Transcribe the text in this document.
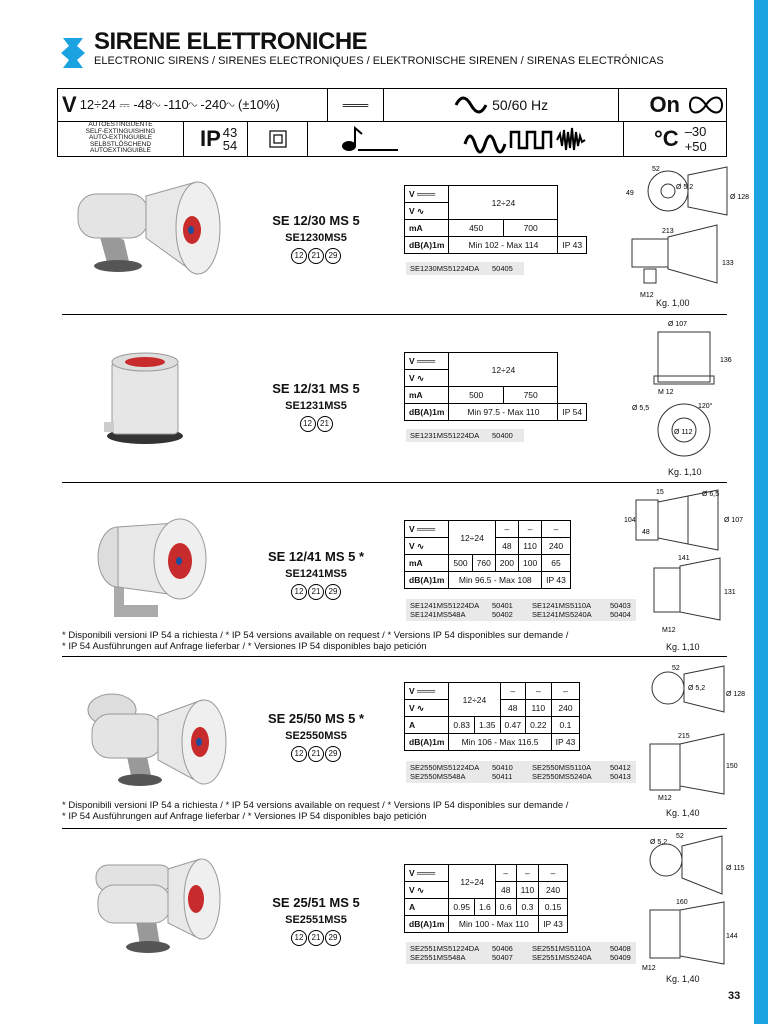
SIRENE ELETTRONICHE
ELECTRONIC SIRENS / SIRENES ELECTRONIQUES / ELEKTRONISCHE SIRENEN / SIRENAS ELECTRÓNICAS
V 12÷24 ⎓ -48∿ -110∿ -240∿ (±10%)	═══	50/60 Hz	On
AUTOESTINGUENTE
SELF-EXTINGUISHING
AUTO-EXTINGUIBLE
SELBSTLÖSCHEND
AUTOEXTINGUIBLE
IP 43
54	°C –30 +50
SE 12/30 MS 5
SE1230MS5
12	21	29
V ═══	12÷24		
V ∿			
mA	450	700	
dB(A)1m	Min 102 - Max 114		IP 43
SE1230MS51224DA	50405
52
Ø 5,2
49
Ø 128
213
133
M12
Kg. 1,00
SE 12/31 MS 5
SE1231MS5
12	21
V ═══	12÷24		
V ∿			
mA	500	750	
dB(A)1m	Min 97.5 - Max 110		IP 54
SE1231MS51224DA	50400
Ø 107
136
M 12
Ø 5,5	120°
Ø 112
Kg. 1,10
SE 12/41 MS 5 *
SE1241MS5
12	21	29
V ═══	12÷24		–	–	–
V ∿			48	110	240
mA	500	760	200	100	65
dB(A)1m	Min 96.5 - Max 108				IP 43
SE1241MS51224DA	50401	SE1241MS5110A	50403
SE1241MS548A	50402	SE1241MS5240A	50404
15	Ø 6,5
104
48
Ø 107
141
131
M12
* Disponibili versioni IP 54 a richiesta / * IP 54 versions available on request / * Versions IP 54 disponibles sur demande /
* IP 54 Ausführungen auf Anfrage lieferbar / * Versiones IP 54 disponibles bajo petición	Kg. 1,10
SE 25/50 MS 5 *
SE2550MS5
12	21	29
V ═══	12÷24		–	–	–
V ∿			48	110	240
A	0.83	1.35	0.47	0.22	0.1
dB(A)1m	Min 106 - Max 116.5				IP 43
SE2550MS51224DA	50410	SE2550MS5110A	50412
SE2550MS548A	50411	SE2550MS5240A	50413
52
Ø 5,2
Ø 128
215
150
M12
* Disponibili versioni IP 54 a richiesta / * IP 54 versions available on request / * Versions IP 54 disponibles sur demande /
* IP 54 Ausführungen auf Anfrage lieferbar / * Versiones IP 54 disponibles bajo petición	Kg. 1,40
SE 25/51 MS 5
SE2551MS5
12	21	29
V ═══	12÷24		–	–	–
V ∿			48	110	240
A	0.95	1.6	0.6	0.3	0.15
dB(A)1m	Min 100 - Max 110				IP 43
SE2551MS51224DA	50406	SE2551MS5110A	50408
SE2551MS548A	50407	SE2551MS5240A	50409
52
Ø 5,2
Ø 115
160
144
M12
Kg. 1,40
33
